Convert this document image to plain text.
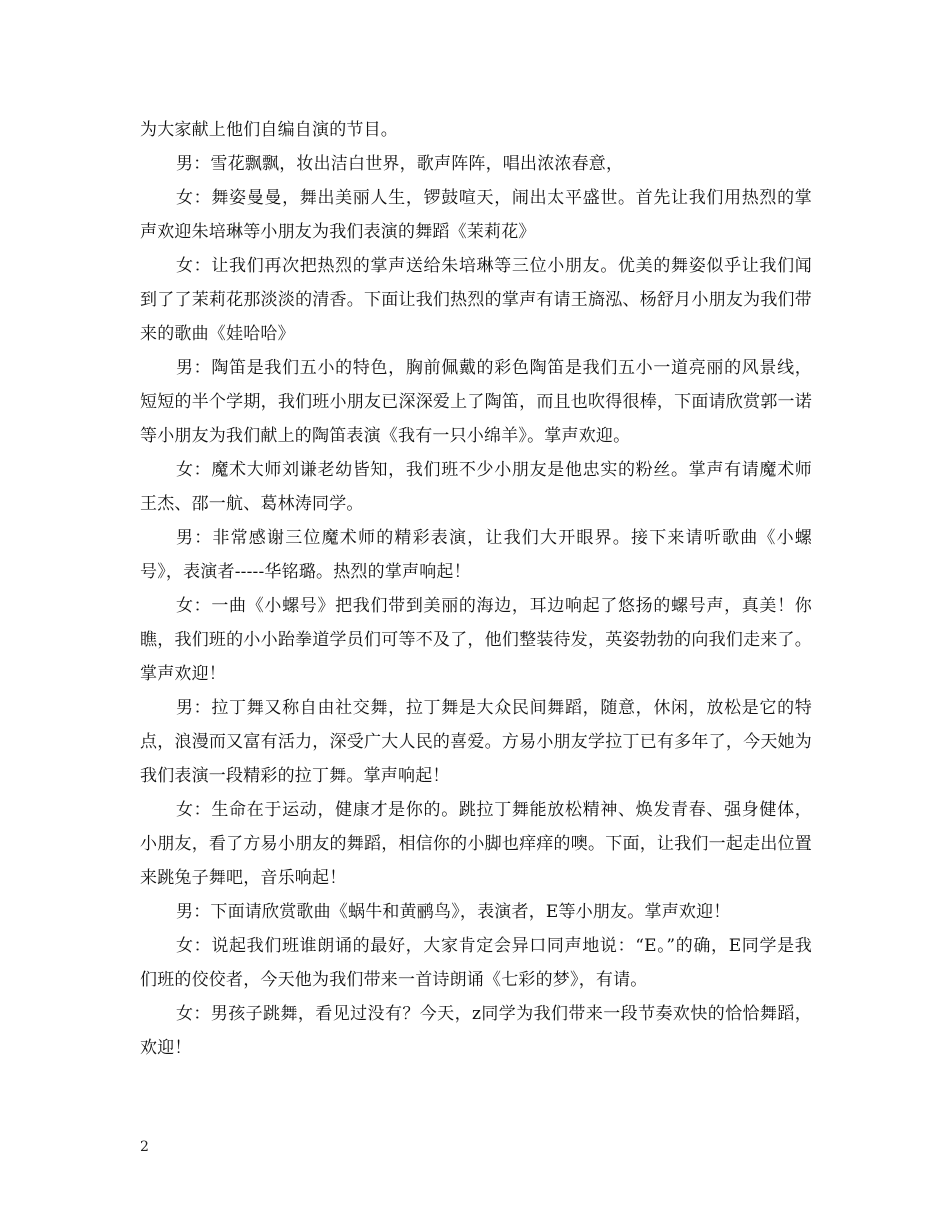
为大家献上他们自编自演的节目。

男：雪花飘飘，妆出洁白世界，歌声阵阵，唱出浓浓春意，

女：舞姿曼曼，舞出美丽人生，锣鼓喧天，闹出太平盛世。首先让我们用热烈的掌声欢迎朱培琳等小朋友为我们表演的舞蹈《茉莉花》

女：让我们再次把热烈的掌声送给朱培琳等三位小朋友。优美的舞姿似乎让我们闻到了了茉莉花那淡淡的清香。下面让我们热烈的掌声有请王旖泓、杨舒月小朋友为我们带来的歌曲《娃哈哈》

男：陶笛是我们五小的特色，胸前佩戴的彩色陶笛是我们五小一道亮丽的风景线，短短的半个学期，我们班小朋友已深深爱上了陶笛，而且也吹得很棒，下面请欣赏郭一诺等小朋友为我们献上的陶笛表演《我有一只小绵羊》。掌声欢迎。

女：魔术大师刘谦老幼皆知，我们班不少小朋友是他忠实的粉丝。掌声有请魔术师王杰、邵一航、葛林涛同学。

男：非常感谢三位魔术师的精彩表演，让我们大开眼界。接下来请听歌曲《小螺号》，表演者-----华铭璐。热烈的掌声响起！

女：一曲《小螺号》把我们带到美丽的海边，耳边响起了悠扬的螺号声，真美！你瞧，我们班的小小跆拳道学员们可等不及了，他们整装待发，英姿勃勃的向我们走来了。掌声欢迎！

男：拉丁舞又称自由社交舞，拉丁舞是大众民间舞蹈，随意，休闲，放松是它的特点，浪漫而又富有活力，深受广大人民的喜爱。方易小朋友学拉丁已有多年了，今天她为我们表演一段精彩的拉丁舞。掌声响起！

女：生命在于运动，健康才是你的。跳拉丁舞能放松精神、焕发青春、强身健体，小朋友，看了方易小朋友的舞蹈，相信你的小脚也痒痒的噢。下面，让我们一起走出位置来跳兔子舞吧，音乐响起！

男：下面请欣赏歌曲《蜗牛和黄鹂鸟》，表演者，E等小朋友。掌声欢迎！

女：说起我们班谁朗诵的最好，大家肯定会异口同声地说：“E。”的确，E同学是我们班的佼佼者，今天他为我们带来一首诗朗诵《七彩的梦》，有请。

女：男孩子跳舞，看见过没有？今天，z同学为我们带来一段节奏欢快的恰恰舞蹈，欢迎！

2
